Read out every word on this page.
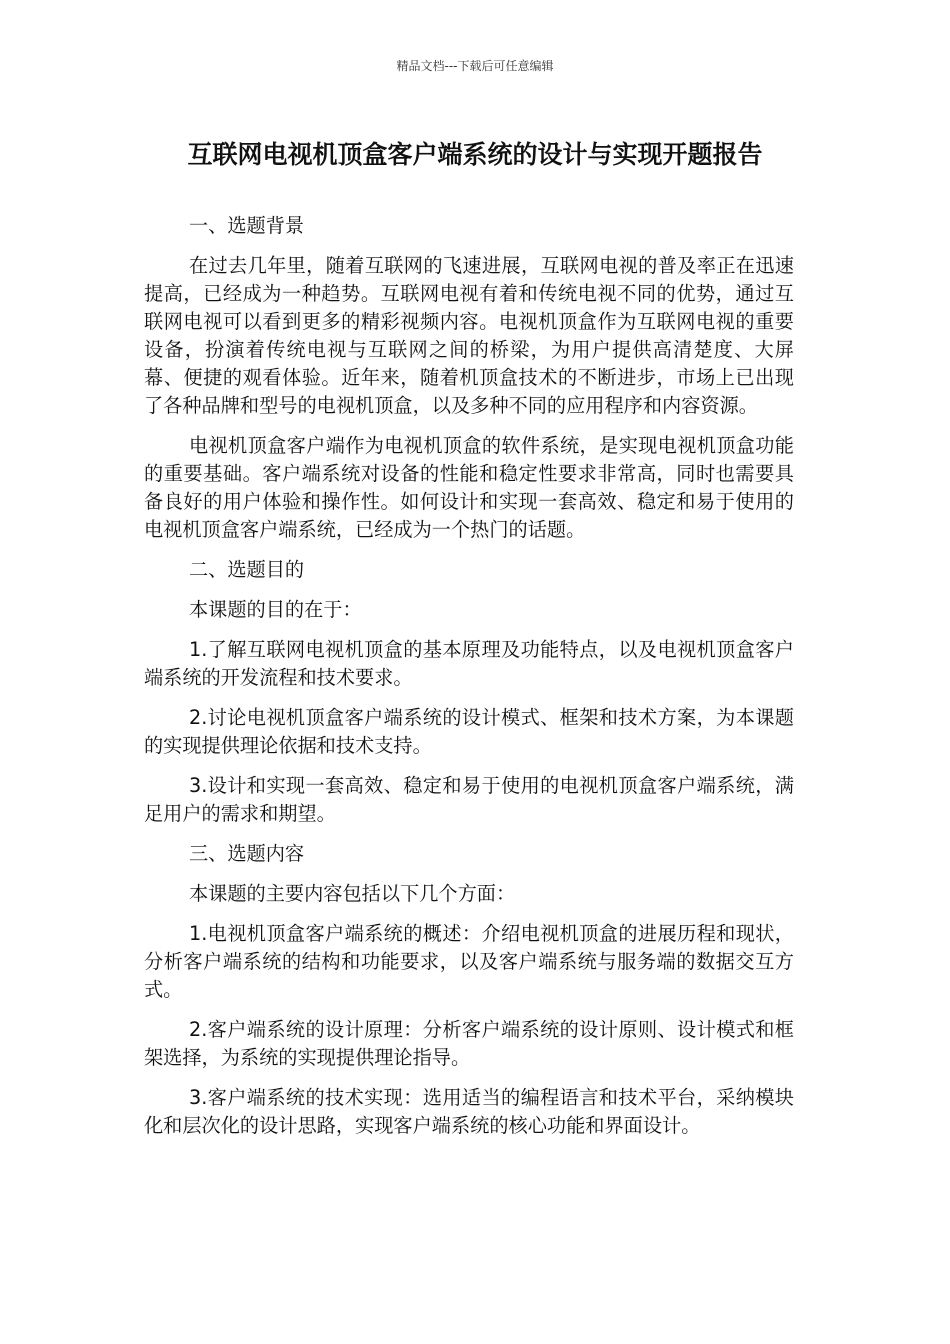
精品文档---下载后可任意编辑
互联网电视机顶盒客户端系统的设计与实现开题报告

一、选题背景

在过去几年里，随着互联网的飞速进展，互联网电视的普及率正在迅速提高，已经成为一种趋势。互联网电视有着和传统电视不同的优势，通过互联网电视可以看到更多的精彩视频内容。电视机顶盒作为互联网电视的重要设备，扮演着传统电视与互联网之间的桥梁，为用户提供高清楚度、大屏幕、便捷的观看体验。近年来，随着机顶盒技术的不断进步，市场上已出现了各种品牌和型号的电视机顶盒，以及多种不同的应用程序和内容资源。

电视机顶盒客户端作为电视机顶盒的软件系统，是实现电视机顶盒功能的重要基础。客户端系统对设备的性能和稳定性要求非常高，同时也需要具备良好的用户体验和操作性。如何设计和实现一套高效、稳定和易于使用的电视机顶盒客户端系统，已经成为一个热门的话题。

二、选题目的

本课题的目的在于：

1.了解互联网电视机顶盒的基本原理及功能特点，以及电视机顶盒客户端系统的开发流程和技术要求。

2.讨论电视机顶盒客户端系统的设计模式、框架和技术方案，为本课题的实现提供理论依据和技术支持。

3.设计和实现一套高效、稳定和易于使用的电视机顶盒客户端系统，满足用户的需求和期望。

三、选题内容

本课题的主要内容包括以下几个方面：

1.电视机顶盒客户端系统的概述：介绍电视机顶盒的进展历程和现状，分析客户端系统的结构和功能要求，以及客户端系统与服务端的数据交互方式。

2.客户端系统的设计原理：分析客户端系统的设计原则、设计模式和框架选择，为系统的实现提供理论指导。

3.客户端系统的技术实现：选用适当的编程语言和技术平台，采纳模块化和层次化的设计思路，实现客户端系统的核心功能和界面设计。
